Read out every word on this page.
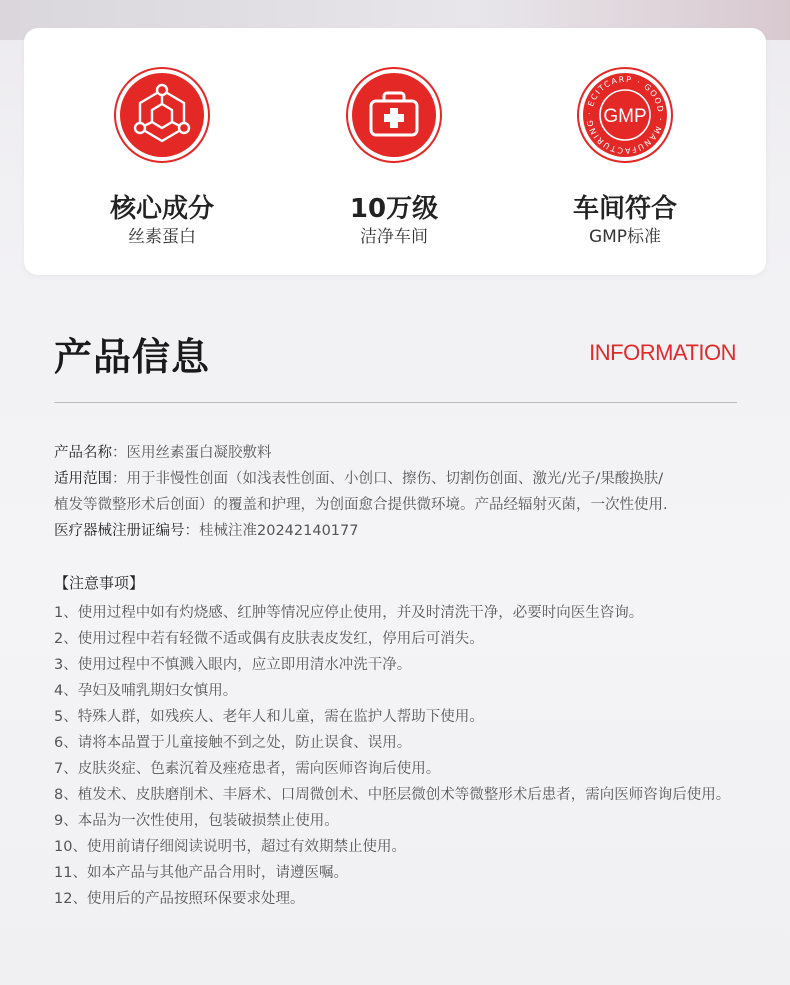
核心成分
丝素蛋白
10万级
洁净车间
· ECITCARP · GOOD · MANUFACTURING GMP
车间符合
GMP标准
产品信息	INFORMATION

产品名称：医用丝素蛋白凝胶敷料

适用范围：用于非慢性创面（如浅表性创面、小创口、擦伤、切割伤创面、激光/光子/果酸换肤/

植发等微整形术后创面）的覆盖和护理，为创面愈合提供微环境。产品经辐射灭菌，一次性使用.

医疗器械注册证编号：桂械注准20242140177

【注意事项】
1、使用过程中如有灼烧感、红肿等情况应停止使用，并及时清洗干净，必要时向医生咨询。
2、使用过程中若有轻微不适或偶有皮肤表皮发红，停用后可消失。
3、使用过程中不慎溅入眼内，应立即用清水冲洗干净。
4、孕妇及哺乳期妇女慎用。
5、特殊人群，如残疾人、老年人和儿童，需在监护人帮助下使用。
6、请将本品置于儿童接触不到之处，防止误食、误用。
7、皮肤炎症、色素沉着及痤疮患者，需向医师咨询后使用。
8、植发术、皮肤磨削术、丰唇术、口周微创术、中胚层微创术等微整形术后患者，需向医师咨询后使用。
9、本品为一次性使用，包装破损禁止使用。
10、使用前请仔细阅读说明书，超过有效期禁止使用。
11、如本产品与其他产品合用时，请遵医嘱。
12、使用后的产品按照环保要求处理。
